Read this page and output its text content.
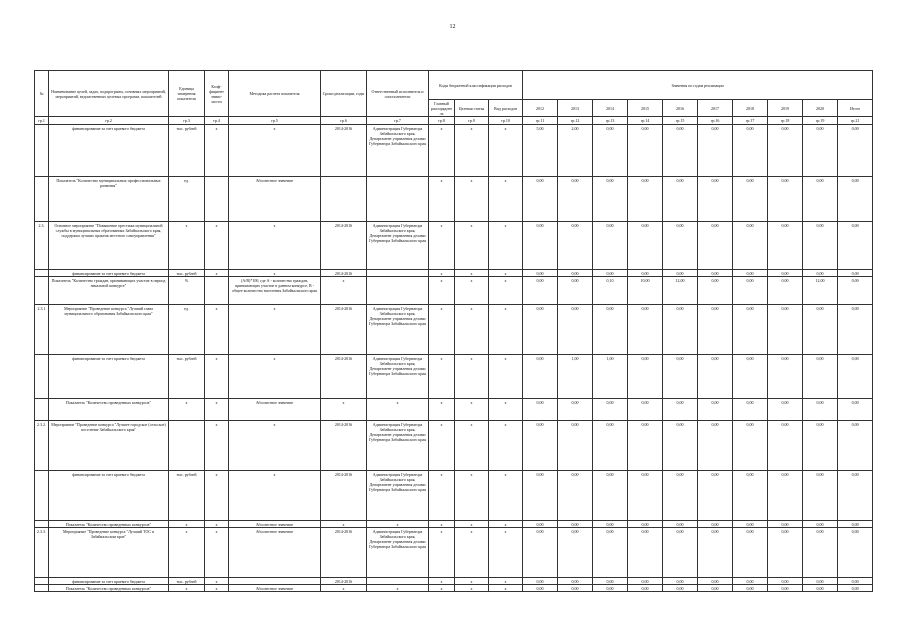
12
№	Наименование целей, задач, подпрограмм, основных мероприятий, мероприятий, ведомственных целевых программ, показателей	Единица измерения показателя	Коэф-фициент значи-мости	Методика расчета показателя	Сроки реализации, годы	Ответственный исполнитель и соисполнители	Коды бюджетной классификации расходов			Значения по годам реализации									
							Главный распорядитель	Целевая статья	Вид расходов	2012	2013	2014	2015	2016	2017	2018	2019	2020	Итого
гр.1	гр.2	гр.3	гр.4	гр.5	гр.6	гр.7	гр.8	гр.9	гр.10	гр.11	гр.12	гр.13	гр.14	гр.15	гр.16	гр.17	гр.18	гр.19	гр.21
	финансирование за счет краевого бюджета	тыс. рублей	х	х	2014-2016	Администрация Губернатора Забайкальского края, Департамент управления делами Губернатора Забайкальского края	х	х	х	5,00	2,00	0,00	0,00	0,00	0,00	0,00	0,00	0,00	0,00
	Показатель "Количество муниципальных профессиональных развития"	ед.		Абсолютное значение			х	х	х	0,00	0,00	0,00	0,00	0,00	0,00	0,00	0,00	0,00	0,00
2.3.	Основное мероприятие "Повышение престижа муниципальной службы в муниципальных образованиях Забайкальского края, поддержка лучших практик местного самоуправления"	х	х	х	2014-2016	Администрация Губернатора Забайкальского края, Департамент управления делами Губернатора Забайкальского края	х	х	х	0,00	0,00	0,00	0,00	0,00	0,00	0,00	0,00	0,00	0,00
	финансирование за счет краевого бюджета	тыс. рублей	х	х	2014-2016		х	х	х	0,00	0,00	0,00	0,00	0,00	0,00	0,00	0,00	0,00	0,00
	Показатель "Количество граждан, принимающих участие в период начальной конкурсе"	%		(A/B)*100, где А - количество граждан, принимающих участие в данном конкурсе, B - общее количество населения Забайкальского края	х		х	х	х	0,00	0,00	0,10	10,00	12,00	0,00	0,00	0,00	12,00	0,00
2.3.1	Мероприятие "Проведение конкурса "Лучший глава муниципального образования Забайкальского края"	ед.	х	х	2014-2016	Администрация Губернатора Забайкальского края, Департамент управления делами Губернатора Забайкальского края	х	х	х	0,00	0,00	0,00	0,00	0,00	0,00	0,00	0,00	0,00	0,00
	финансирование за счет краевого бюджета	тыс. рублей	х	х	2014-2016	Администрация Губернатора Забайкальского края, Департамент управления делами Губернатора Забайкальского края	х	х	х	0,00	1,00	1,00	0,00	0,00	0,00	0,00	0,00	0,00	0,00
	Показатель "Количество проведенных конкурсов"	х	х	Абсолютное значение	х	х	х	х	х	0,00	0,00	0,00	0,00	0,00	0,00	0,00	0,00	0,00	0,00
2.3.2.	Мероприятие "Проведение конкурса "Лучшее городское (сельское) поселение Забайкальского края"		х	х	2014-2016	Администрация Губернатора Забайкальского края, Департамент управления делами Губернатора Забайкальского края	х	х	х	0,00	0,00	0,00	0,00	0,00	0,00	0,00	0,00	0,00	0,00
	финансирование за счет краевого бюджета	тыс. рублей	х	х	2014-2016	Администрация Губернатора Забайкальского края, Департамент управления делами Губернатора Забайкальского края	х	х	х	0,00	0,00	0,00	0,00	0,00	0,00	0,00	0,00	0,00	0,00
	Показатель "Количество проведенных конкурсов"	х	х	Абсолютное значение	х	х	х	х	х	0,00	0,00	0,00	0,00	0,00	0,00	0,00	0,00	0,00	0,00
2.3.3.	Мероприятие "Проведение конкурса "Лучший ТОС в Забайкальском крае"	х	х	Абсолютное значение	2014-2016	Администрация Губернатора Забайкальского края, Департамент управления делами Губернатора Забайкальского края	х	х	х	0,00	0,00	0,00	0,00	0,00	0,00	0,00	0,00	0,00	0,00
	финансирование за счет краевого бюджета	тыс. рублей	х		2014-2016		х	х	х	0,00	0,00	0,00	0,00	0,00	0,00	0,00	0,00	0,00	0,00
	Показатель "Количество проведенных конкурсов"	х	х	Абсолютное значение	х	х	х	х	х	0,00	0,00	0,00	0,00	0,00	0,00	0,00	0,00	0,00	0,00
